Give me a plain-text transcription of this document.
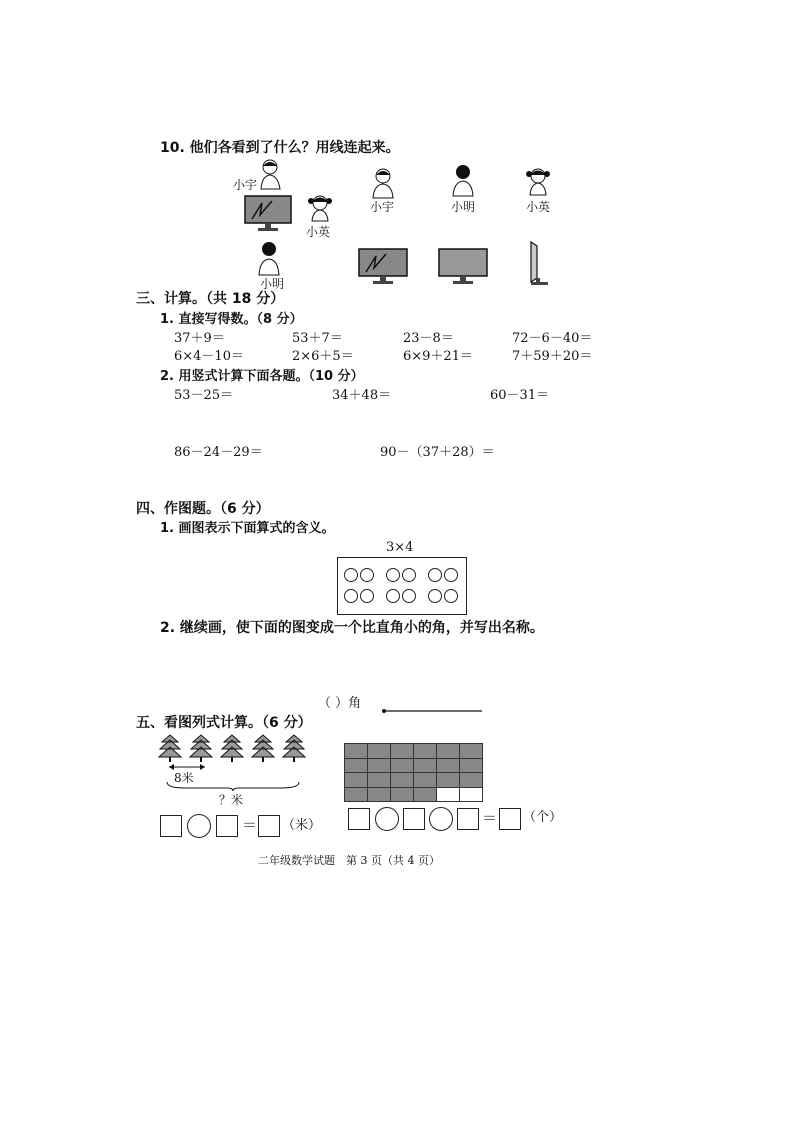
10. 他们各看到了什么？用线连起来。
小宇
小英
小明
小宇	小明	小英
三、计算。（共 18 分）
1. 直接写得数。（8 分）
37＋9＝	53＋7＝	23－8＝	72－6－40＝
6×4－10＝	2×6＋5＝	6×9＋21＝	7＋59＋20＝
2. 用竖式计算下面各题。（10 分）
53－25＝	34＋48＝	60－31＝
86－24－29＝	90－（37＋28）＝
四、作图题。（6 分）
1. 画图表示下面算式的含义。
3×4
2. 继续画，使下面的图变成一个比直角小的角，并写出名称。
（ ）角
五、看图列式计算。（6 分）
8米
？米
＝ （米）	＝ （个）
二年级数学试题　第 3 页（共 4 页）
